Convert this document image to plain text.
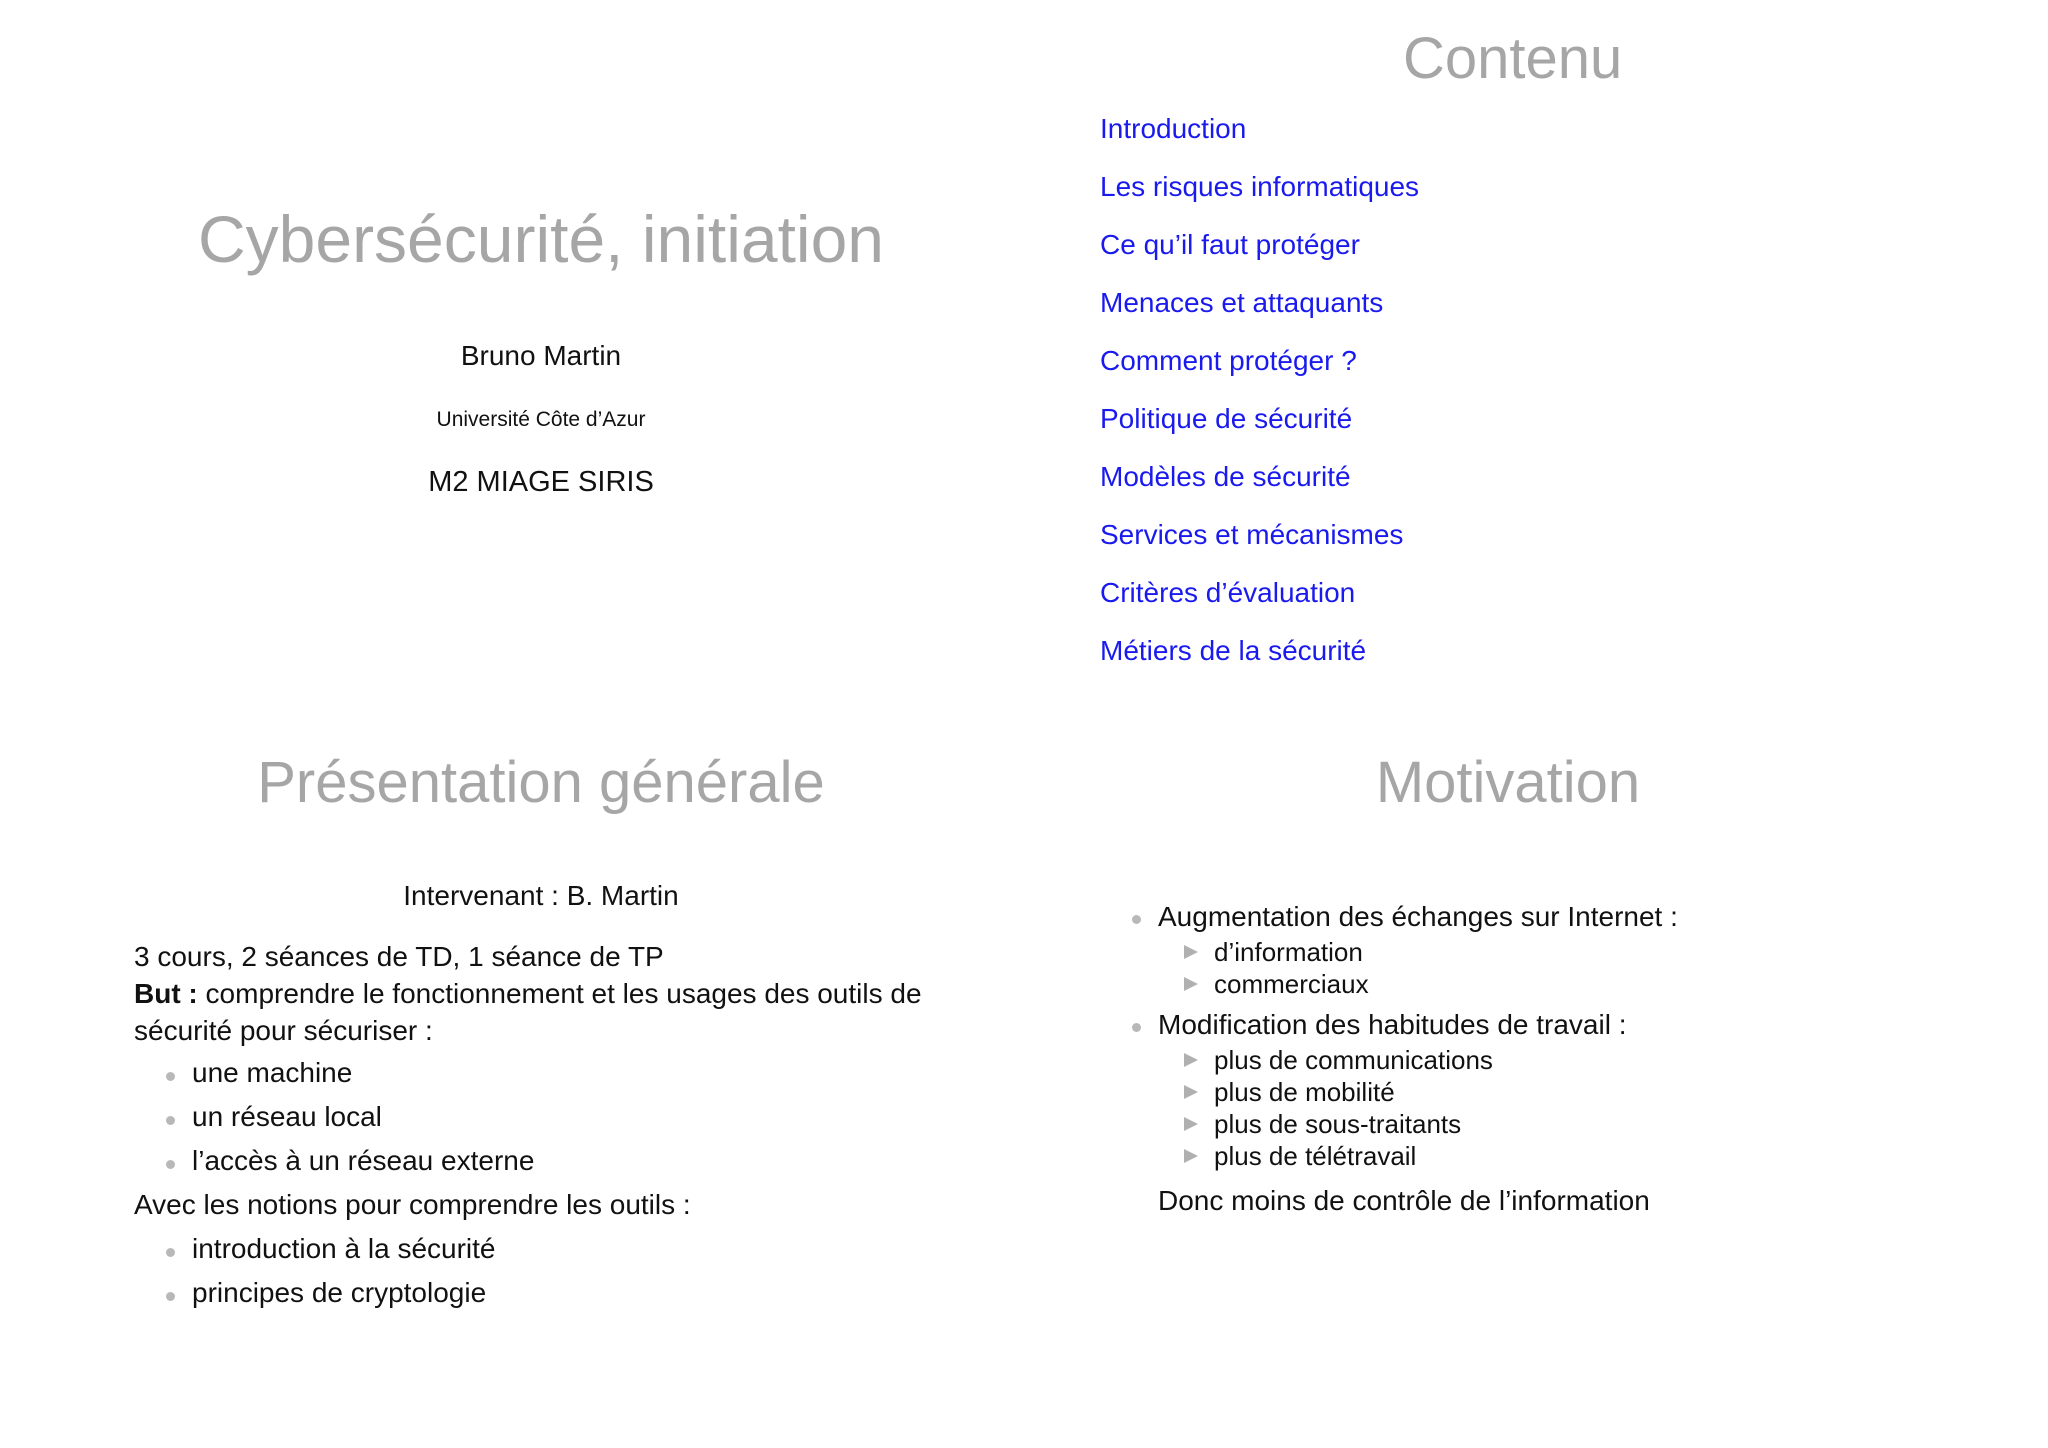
Cybersécurité, initiation
Bruno Martin
Université Côte d’Azur
M2 MIAGE SIRIS
Contenu
Introduction
Les risques informatiques
Ce qu’il faut protéger
Menaces et attaquants
Comment protéger ?
Politique de sécurité
Modèles de sécurité
Services et mécanismes
Critères d’évaluation
Métiers de la sécurité
Présentation générale
Intervenant : B. Martin
3 cours, 2 séances de TD, 1 séance de TP
But : comprendre le fonctionnement et les usages des outils de sécurité pour sécuriser :
une machine
un réseau local
l’accès à un réseau externe
Avec les notions pour comprendre les outils :
introduction à la sécurité
principes de cryptologie
Motivation
Augmentation des échanges sur Internet :
d’information
commerciaux
Modification des habitudes de travail :
plus de communications
plus de mobilité
plus de sous-traitants
plus de télétravail
Donc moins de contrôle de l’information
